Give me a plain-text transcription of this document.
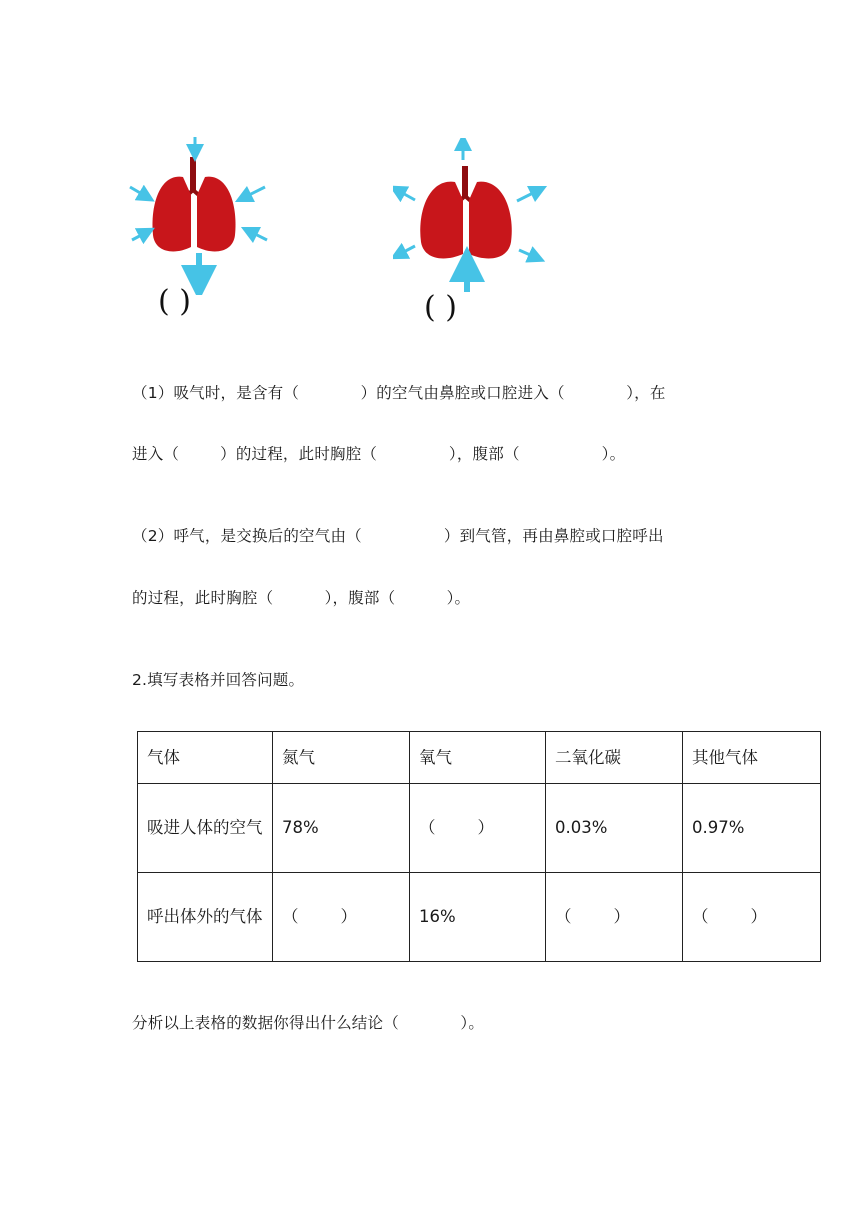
( )	( )
（1）吸气时，是含有（            ）的空气由鼻腔或口腔进入（            ），在
进入（        ）的过程，此时胸腔（              ），腹部（                ）。
（2）呼气，是交换后的空气由（                ）到气管，再由鼻腔或口腔呼出
的过程，此时胸腔（          ），腹部（          ）。
2.填写表格并回答问题。
气体	氮气	氧气	二氧化碳	其他气体
吸进人体的空气	78%	（        ）	0.03%	0.97%
呼出体外的气体	（        ）	16%	（        ）	（        ）
分析以上表格的数据你得出什么结论（            ）。
